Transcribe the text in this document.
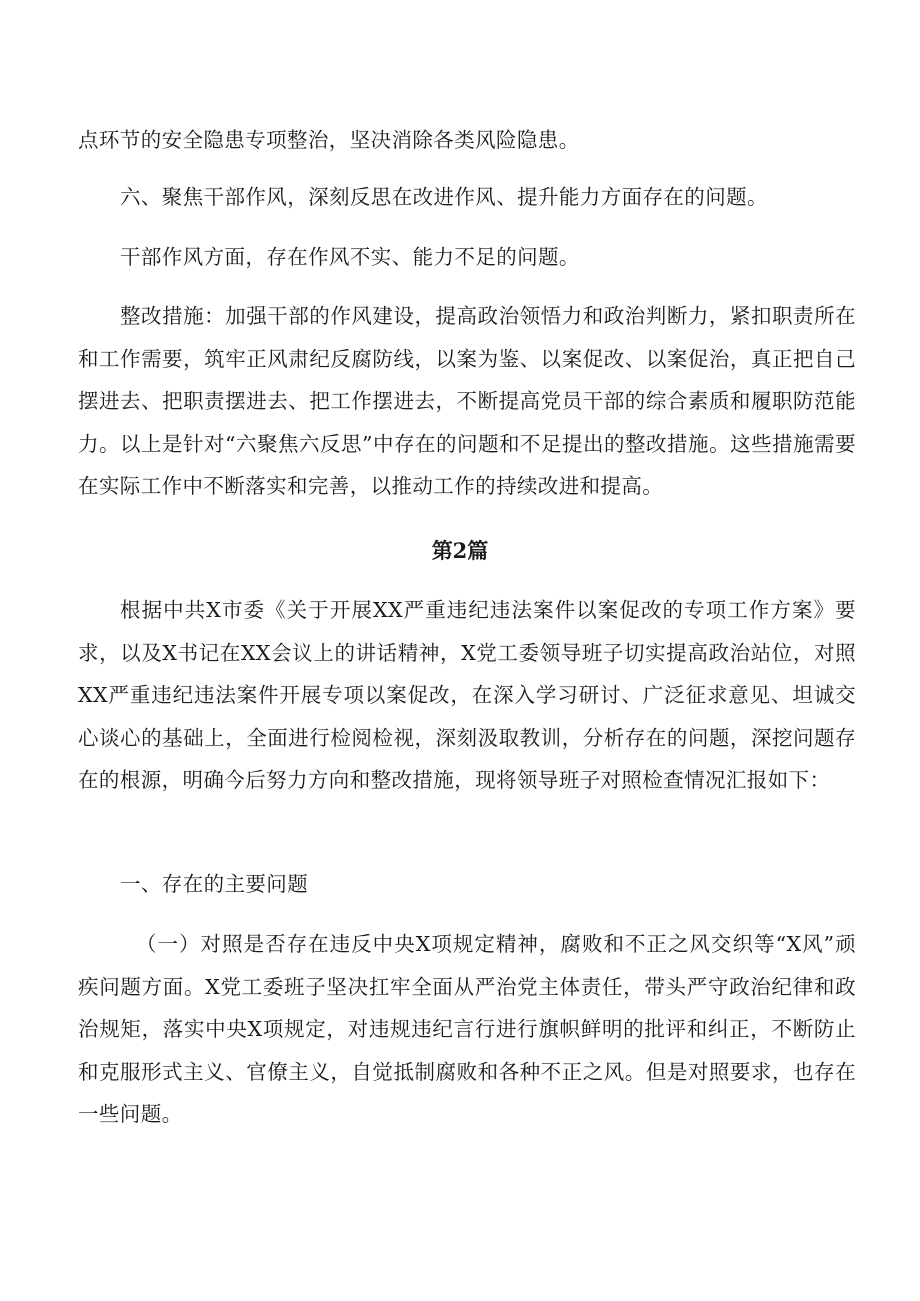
点环节的安全隐患专项整治，坚决消除各类风险隐患。

六、聚焦干部作风，深刻反思在改进作风、提升能力方面存在的问题。

干部作风方面，存在作风不实、能力不足的问题。

整改措施：加强干部的作风建设，提高政治领悟力和政治判断力，紧扣职责所在和工作需要，筑牢正风肃纪反腐防线，以案为鉴、以案促改、以案促治，真正把自己摆进去、把职责摆进去、把工作摆进去，不断提高党员干部的综合素质和履职防范能力。以上是针对“六聚焦六反思”中存在的问题和不足提出的整改措施。这些措施需要在实际工作中不断落实和完善，以推动工作的持续改进和提高。

第2篇

根据中共X市委《关于开展XX严重违纪违法案件以案促改的专项工作方案》要求，以及X书记在XX会议上的讲话精神，X党工委领导班子切实提高政治站位，对照XX严重违纪违法案件开展专项以案促改，在深入学习研讨、广泛征求意见、坦诚交心谈心的基础上，全面进行检阅检视，深刻汲取教训，分析存在的问题，深挖问题存在的根源，明确今后努力方向和整改措施，现将领导班子对照检查情况汇报如下：

一、存在的主要问题

（一）对照是否存在违反中央X项规定精神，腐败和不正之风交织等“X风”顽疾问题方面。X党工委班子坚决扛牢全面从严治党主体责任，带头严守政治纪律和政治规矩，落实中央X项规定，对违规违纪言行进行旗帜鲜明的批评和纠正，不断防止和克服形式主义、官僚主义，自觉抵制腐败和各种不正之风。但是对照要求，也存在一些问题。
